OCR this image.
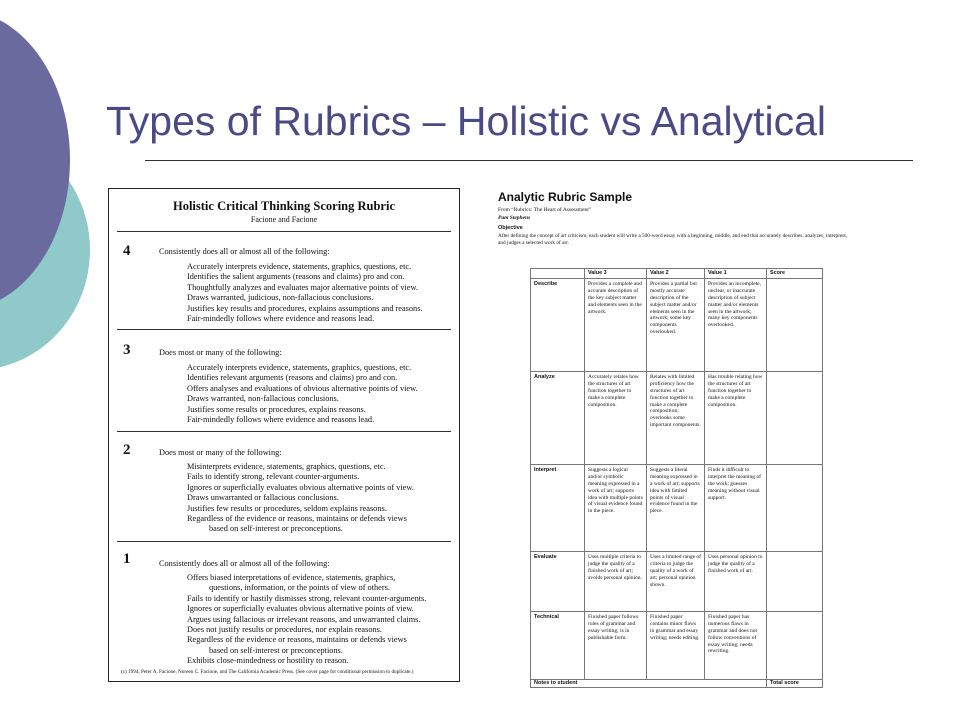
Types of Rubrics – Holistic vs Analytical
Holistic Critical Thinking Scoring Rubric
Facione and Facione
4	Consistently does all or almost all of the following:
Accurately interprets evidence, statements, graphics, questions, etc.
Identifies the salient arguments (reasons and claims) pro and con.
Thoughtfully analyzes and evaluates major alternative points of view.
Draws warranted, judicious, non-fallacious conclusions.
Justifies key results and procedures, explains assumptions and reasons.
Fair-mindedly follows where evidence and reasons lead.
3	Does most or many of the following:
Accurately interprets evidence, statements, graphics, questions, etc.
Identifies relevant arguments (reasons and claims) pro and con.
Offers analyses and evaluations of obvious alternative points of view.
Draws warranted, non-fallacious conclusions.
Justifies some results or procedures, explains reasons.
Fair-mindedly follows where evidence and reasons lead.
2	Does most or many of the following:
Misinterprets evidence, statements, graphics, questions, etc.
Fails to identify strong, relevant counter-arguments.
Ignores or superficially evaluates obvious alternative points of view.
Draws unwarranted or fallacious conclusions.
Justifies few results or procedures, seldom explains reasons.
Regardless of the evidence or reasons, maintains or defends views
based on self-interest or preconceptions.
1	Consistently does all or almost all of the following:
Offers biased interpretations of evidence, statements, graphics,
questions, information, or the points of view of others.
Fails to identify or hastily dismisses strong, relevant counter-arguments.
Ignores or superficially evaluates obvious alternative points of view.
Argues using fallacious or irrelevant reasons, and unwarranted claims.
Does not justify results or procedures, nor explain reasons.
Regardless of the evidence or reasons, maintains or defends views
based on self-interest or preconceptions.
Exhibits close-mindedness or hostility to reason.
(c) 1994, Peter A. Facione, Noreen C. Facione, and The California Academic Press. (See cover page for conditional permission to duplicate.)
Analytic Rubric Sample
From “Rubrics: The Heart of Assessment”
Pam Stephens
Objective
After defining the concept of art criticism, each student will write a 500-word essay with a beginning, middle, and end that accurately describes, analyzes, interprets, and judges a selected work of art.
	Value 3	Value 2	Value 1	Score
Describe	Provides a complete and accurate description of the key subject matter and elements seen in the artwork.	Provides a partial but mostly accurate description of the subject matter and/or elements seen in the artwork; some key components overlooked.	Provides an incomplete, unclear, or inaccurate description of subject matter and/or elements seen in the artwork; many key components overlooked.	
Analyze	Accurately relates how the structures of art function together to make a complete composition.	Relates with limited proficiency how the structures of art function together to make a complete composition; overlooks some important components.	Has trouble relating how the structures of art function together to make a complete composition.	
Interpret	Suggests a logical and/or symbolic meaning expressed in a work of art; supports idea with multiple points of visual evidence found in the piece.	Suggests a literal meaning expressed in a work of art; supports idea with limited points of visual evidence found in the piece.	Finds it difficult to interpret the meaning of the work; guesses meaning without visual support.	
Evaluate	Uses multiple criteria to judge the quality of a finished work of art; avoids personal opinion.	Uses a limited range of criteria to judge the quality of a work of art; personal opinion shown.	Uses personal opinion to judge the quality of a finished work of art.	
Technical	Finished paper follows rules of grammar and essay writing; is in publishable form.	Finished paper contains minor flaws in grammar and essay writing; needs editing.	Finished paper has numerous flaws in grammar and does not follow conventions of essay writing; needs rewriting.	
Notes to student				Total score
